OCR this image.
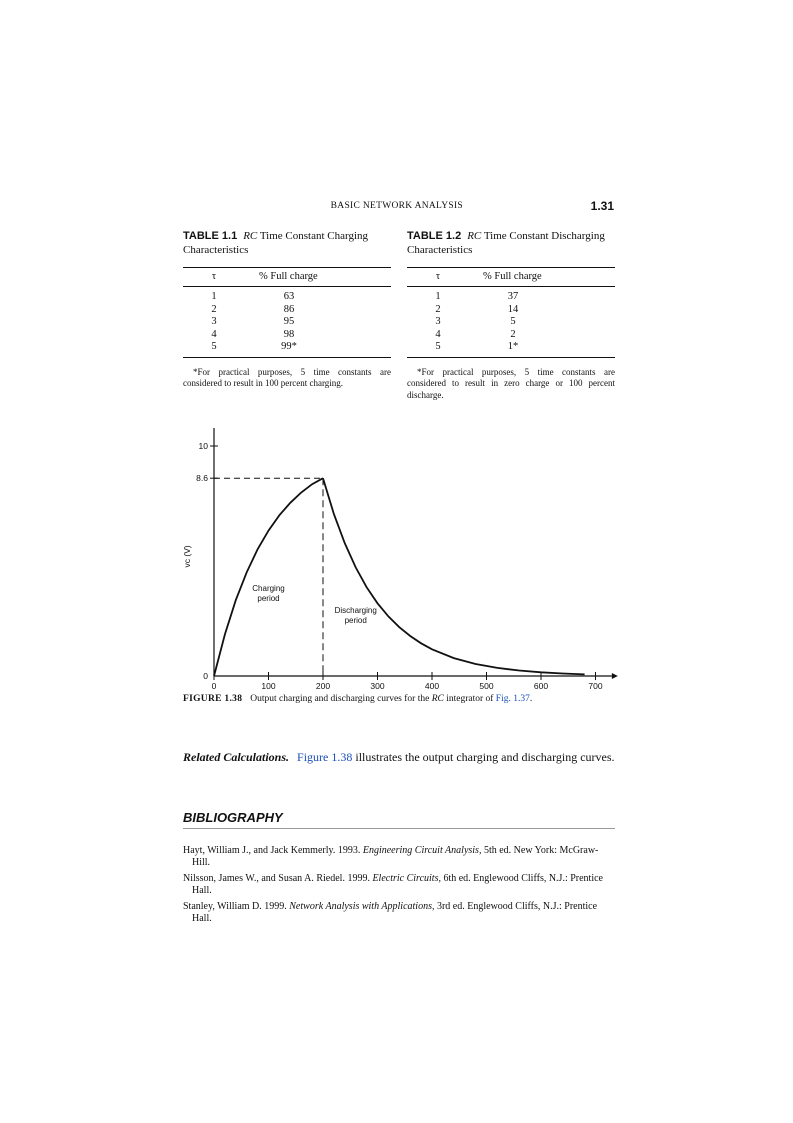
BASIC NETWORK ANALYSIS	1.31

TABLE 1.1 RC Time Constant Charging Characteristics

τ	% Full charge
1	63
2	86
3	95
4	98
5	99*
*For practical purposes, 5 time constants are considered to result in 100 percent charging.

TABLE 1.2 RC Time Constant Discharging Characteristics

τ	% Full charge
1	37
2	14
3	5
4	2
5	1*
*For practical purposes, 5 time constants are considered to result in zero charge or 100 percent discharge.
0	100	200	300	400	500	600	700
0
8.6
10
vc (V)
Charging
period
Discharging
period
FIGURE 1.38 Output charging and discharging curves for the RC integrator of Fig. 1.37.
Related Calculations. Figure 1.38 illustrates the output charging and discharging curves.
BIBLIOGRAPHY
Hayt, William J., and Jack Kemmerly. 1993. Engineering Circuit Analysis, 5th ed. New York: McGraw-Hill.
Nilsson, James W., and Susan A. Riedel. 1999. Electric Circuits, 6th ed. Englewood Cliffs, N.J.: Prentice Hall.
Stanley, William D. 1999. Network Analysis with Applications, 3rd ed. Englewood Cliffs, N.J.: Prentice Hall.
